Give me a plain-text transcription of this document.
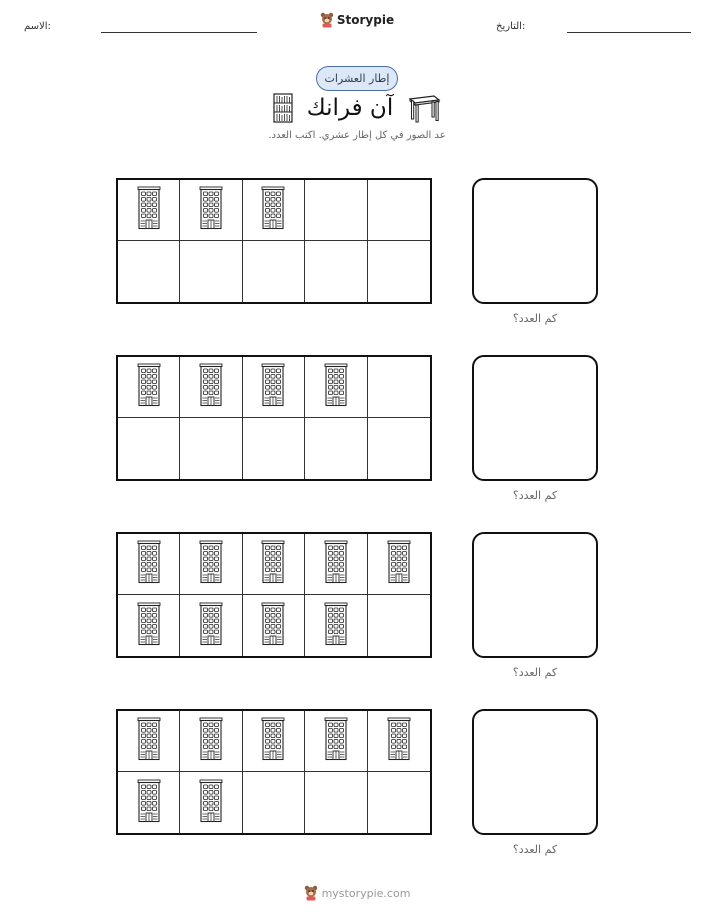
الاسم:	Storypie	التاريخ:
إطار العشرات
آن فرانك
عد الصور في كل إطار عشري. اكتب العدد.
كم العدد؟
كم العدد؟
كم العدد؟
كم العدد؟
mystorypie.com
